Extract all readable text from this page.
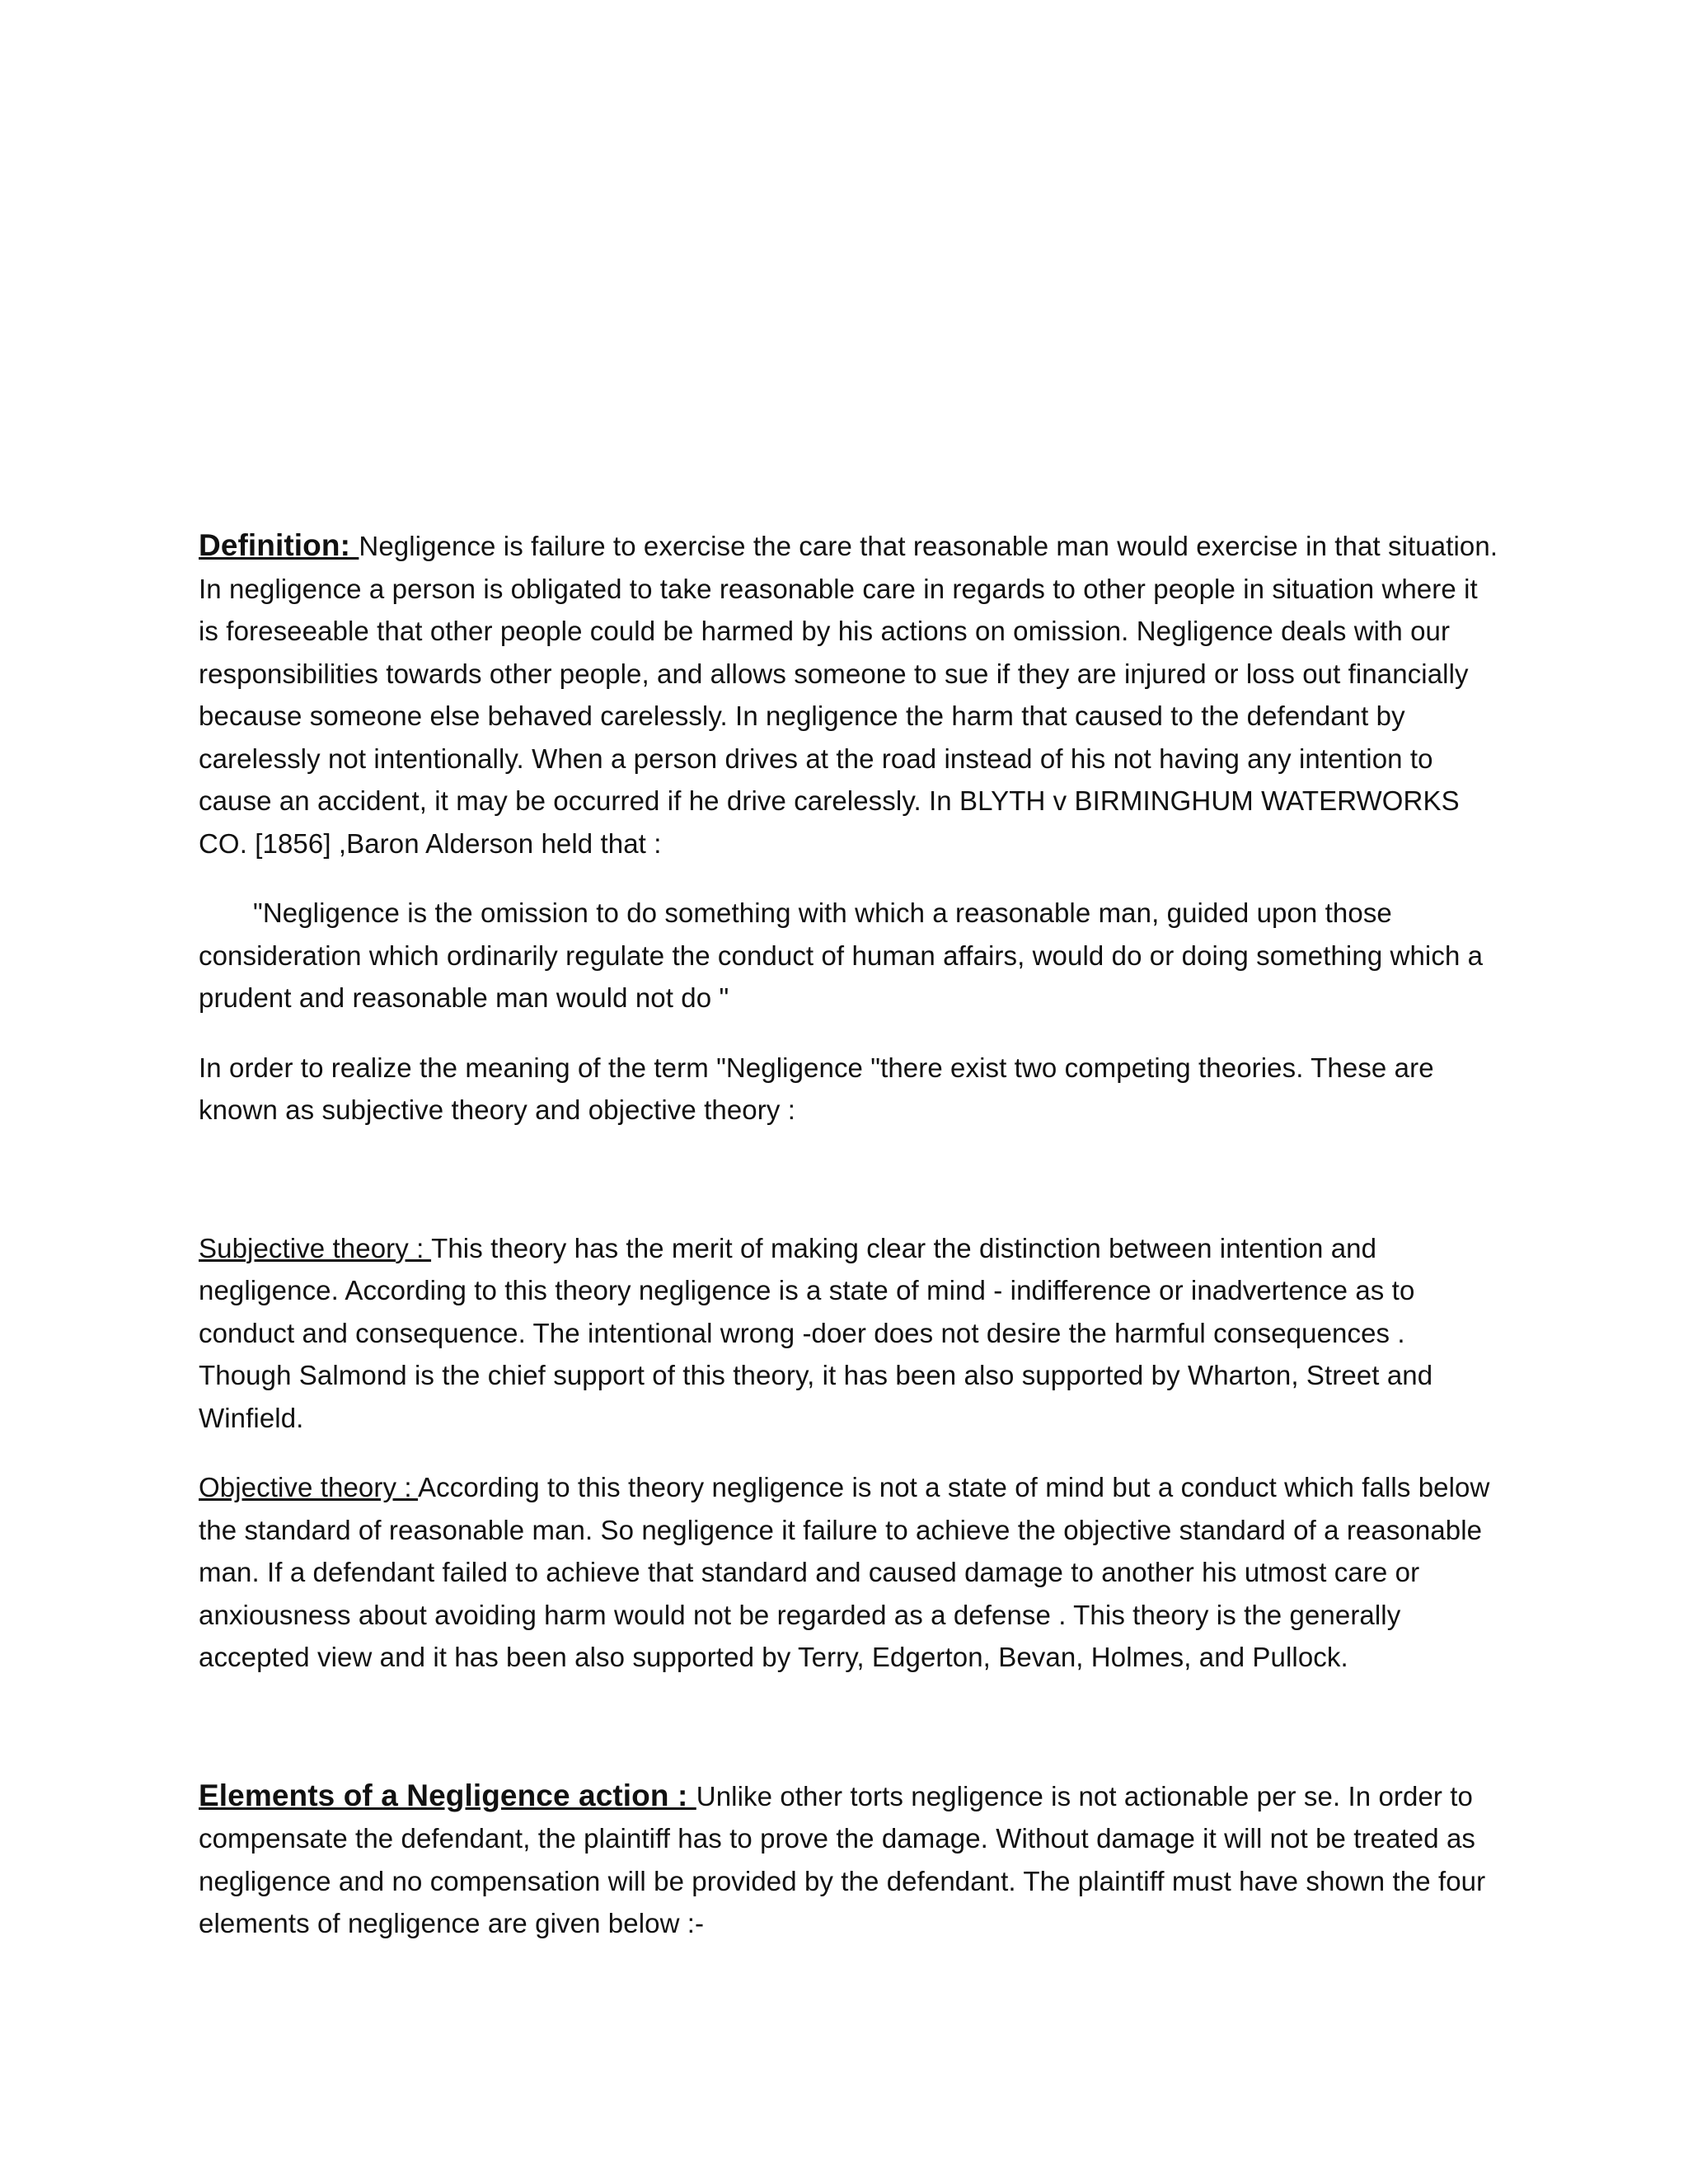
Definition: Negligence is failure to exercise the care that reasonable man would exercise in that situation. In negligence a person is obligated to take reasonable care in regards to other people in situation where it is foreseeable that other people could be harmed by his actions on omission. Negligence deals with our responsibilities towards other people, and allows someone to sue if they are injured or loss out financially because someone else behaved carelessly. In negligence the harm that caused to the defendant by carelessly not intentionally. When a person drives at the road instead of his not having any intention to cause an accident, it may be occurred if he drive carelessly. In BLYTH v BIRMINGHUM WATERWORKS CO. [1856] ,Baron Alderson held that :

"Negligence is the omission to do something with which a reasonable man, guided upon those consideration which ordinarily regulate the conduct of human affairs, would do or doing something which a prudent and reasonable man would not do "

In order to realize the meaning of the term "Negligence "there exist two competing theories. These are known as subjective theory and objective theory :

Subjective theory : This theory has the merit of making clear the distinction between intention and negligence. According to this theory negligence is a state of mind - indifference or inadvertence as to conduct and consequence. The intentional wrong -doer does not desire the harmful consequences . Though Salmond is the chief support of this theory, it has been also supported by Wharton, Street and Winfield.

Objective theory : According to this theory negligence is not a state of mind but a conduct which falls below the standard of reasonable man. So negligence it failure to achieve the objective standard of a reasonable man. If a defendant failed to achieve that standard and caused damage to another his utmost care or anxiousness about avoiding harm would not be regarded as a defense . This theory is the generally accepted view and it has been also supported by Terry, Edgerton, Bevan, Holmes, and Pullock.

Elements of a Negligence action : Unlike other torts negligence is not actionable per se. In order to compensate the defendant, the plaintiff has to prove the damage. Without damage it will not be treated as negligence and no compensation will be provided by the defendant. The plaintiff must have shown the four elements of negligence are given below :-
